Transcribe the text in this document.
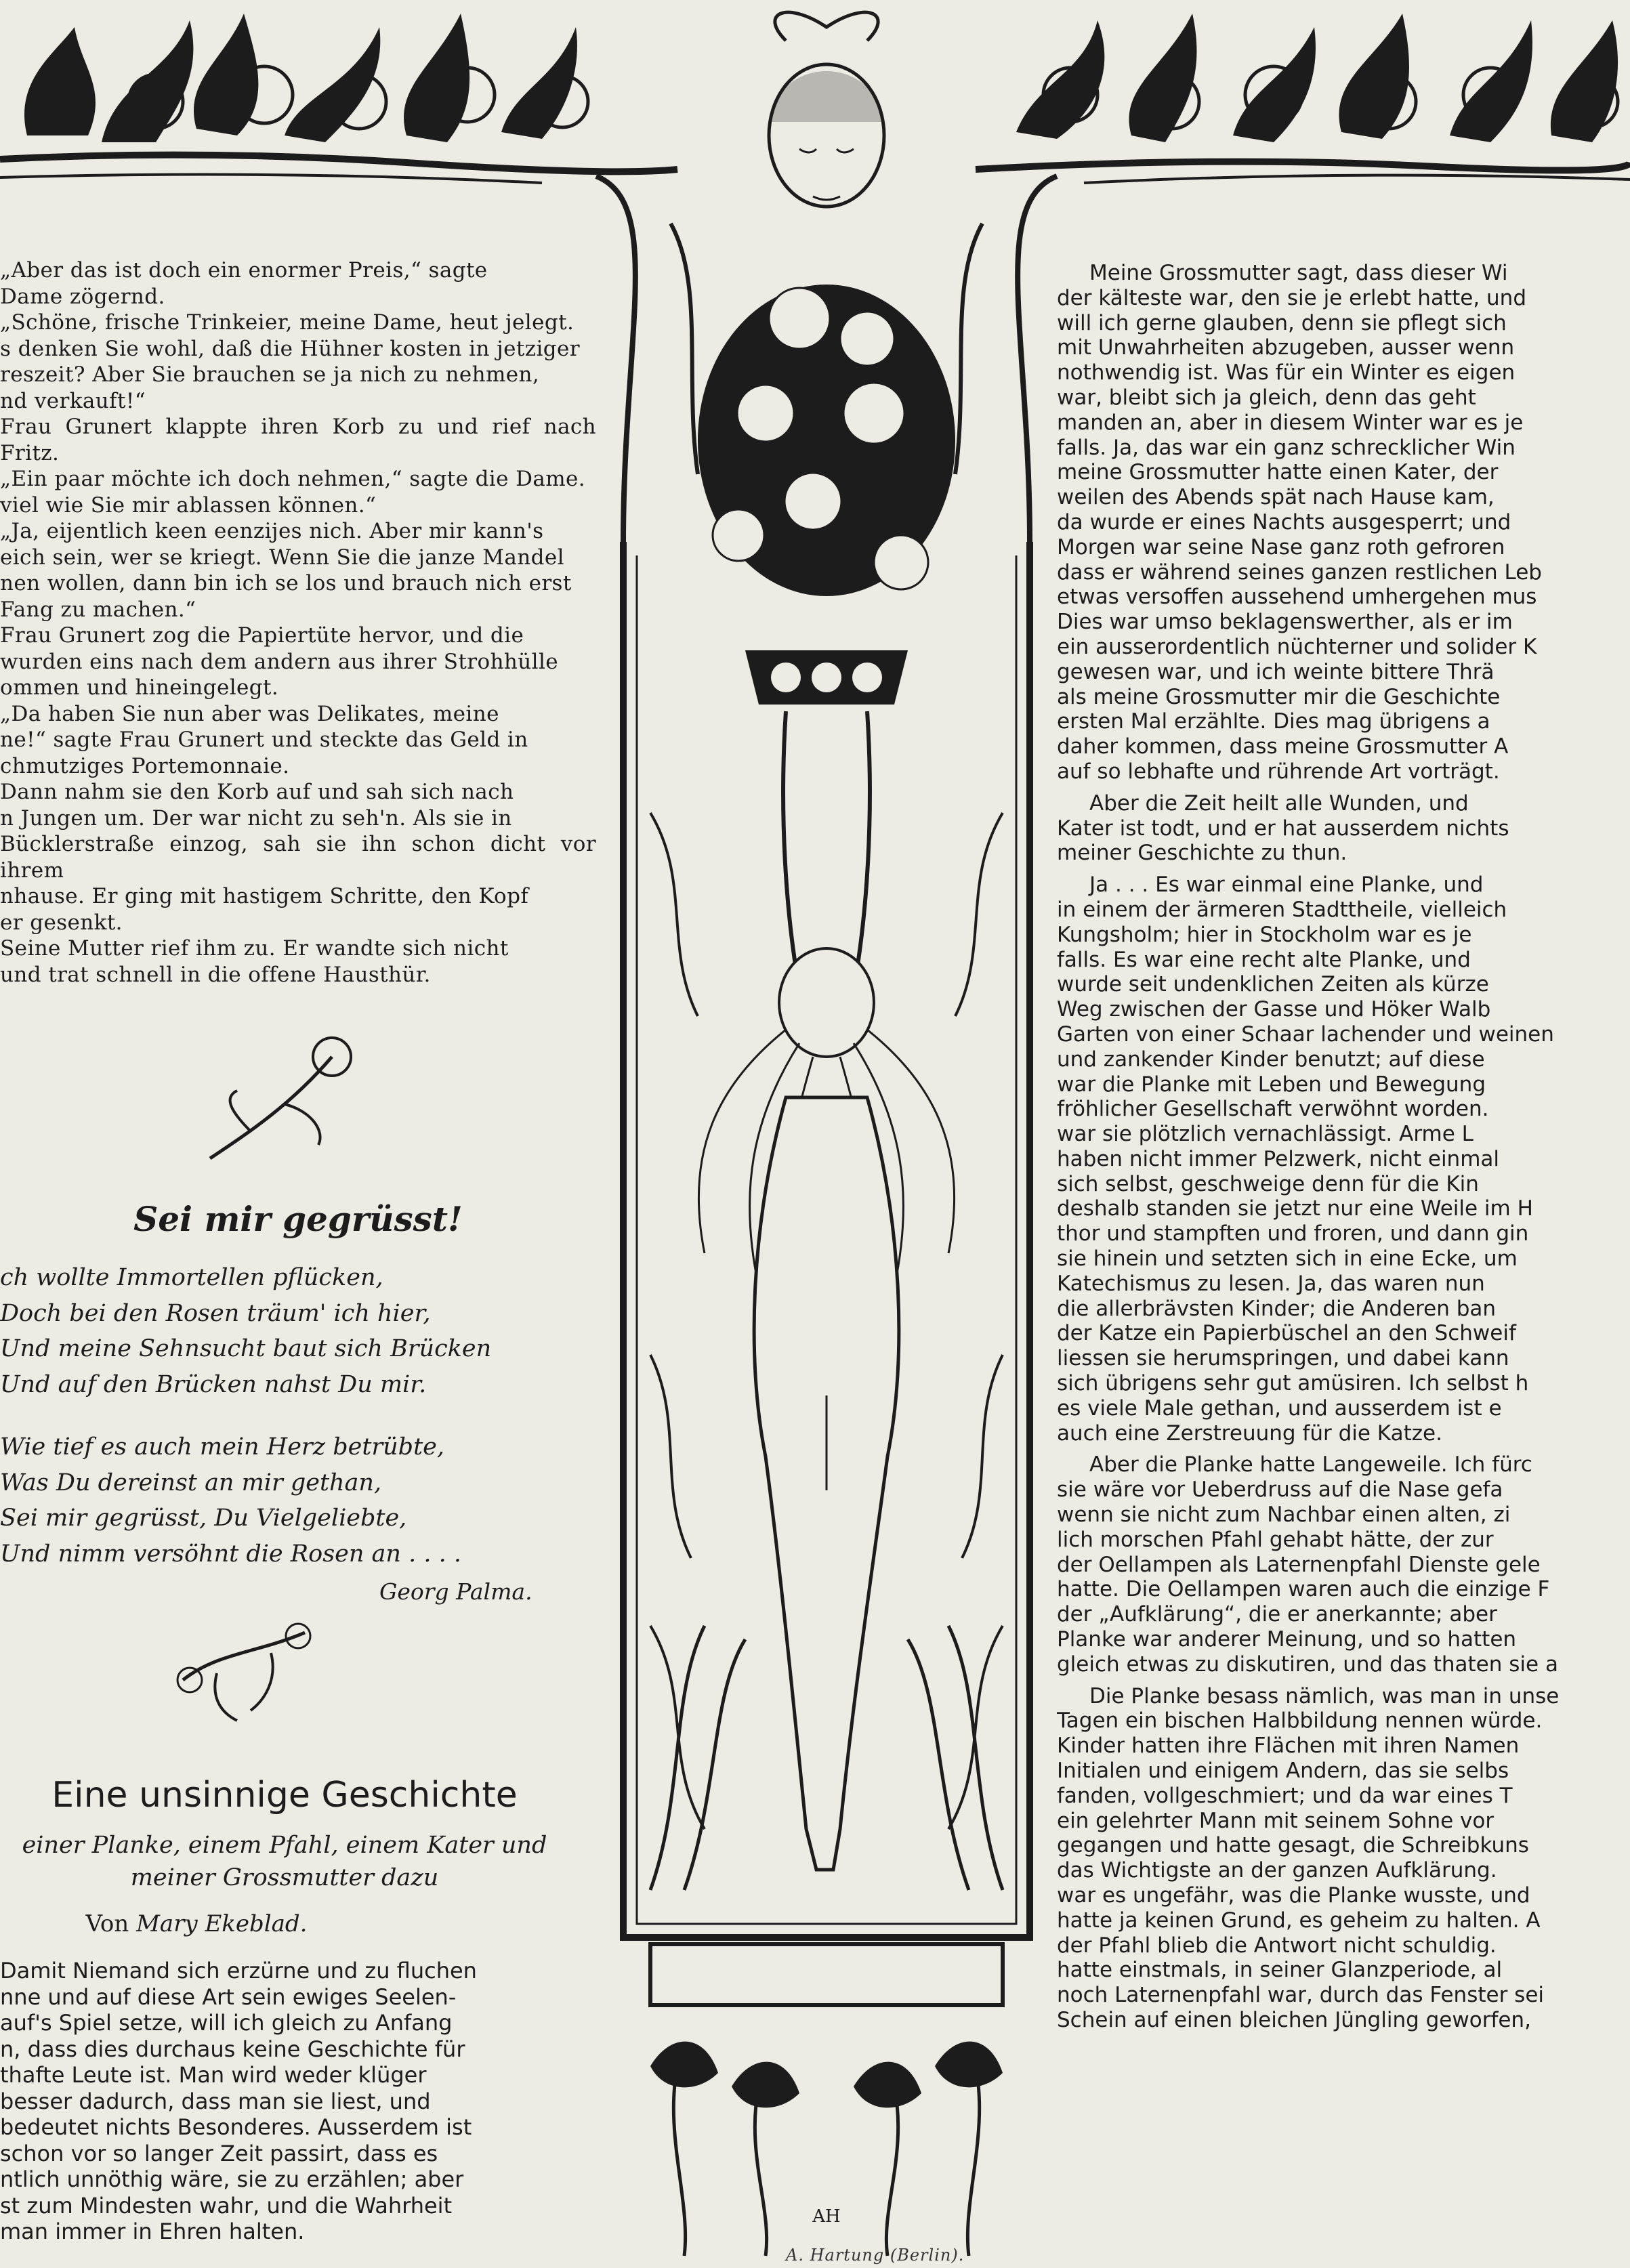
AH

„Aber das ist doch ein enormer Preis,“ sagte

Dame zögernd.

„Schöne, frische Trinkeier, meine Dame, heut jelegt.

s denken Sie wohl, daß die Hühner kosten in jetziger

reszeit? Aber Sie brauchen se ja nich zu nehmen,

nd verkauft!“

Frau Grunert klappte ihren Korb zu und rief nach Fritz.

„Ein paar möchte ich doch nehmen,“ sagte die Dame.

viel wie Sie mir ablassen können.“

„Ja, eijentlich keen eenzijes nich. Aber mir kann's

eich sein, wer se kriegt. Wenn Sie die janze Mandel

nen wollen, dann bin ich se los und brauch nich erst

Fang zu machen.“

Frau Grunert zog die Papiertüte hervor, und die

wurden eins nach dem andern aus ihrer Strohhülle

ommen und hineingelegt.

„Da haben Sie nun aber was Delikates, meine

ne!“ sagte Frau Grunert und steckte das Geld in

chmutziges Portemonnaie.

Dann nahm sie den Korb auf und sah sich nach

n Jungen um. Der war nicht zu seh'n. Als sie in

Bücklerstraße einzog, sah sie ihn schon dicht vor ihrem

nhause. Er ging mit hastigem Schritte, den Kopf

er gesenkt.

Seine Mutter rief ihm zu. Er wandte sich nicht

und trat schnell in die offene Hausthür.

Sei mir gegrüsst!
ch wollte Immortellen pflücken,
Doch bei den Rosen träum' ich hier,
Und meine Sehnsucht baut sich Brücken
Und auf den Brücken nahst Du mir.
Wie tief es auch mein Herz betrübte,
Was Du dereinst an mir gethan,
Sei mir gegrüsst, Du Vielgeliebte,
Und nimm versöhnt die Rosen an . . . .
Georg Palma.
Eine unsinnige Geschichte
einer Planke, einem Pfahl, einem Kater und
meiner Grossmutter dazu
Von Mary Ekeblad.
Damit Niemand sich erzürne und zu fluchen
nne und auf diese Art sein ewiges Seelen-
auf's Spiel setze, will ich gleich zu Anfang
n, dass dies durchaus keine Geschichte für
thafte Leute ist. Man wird weder klüger
besser dadurch, dass man sie liest, und
bedeutet nichts Besonderes. Ausserdem ist
schon vor so langer Zeit passirt, dass es
ntlich unnöthig wäre, sie zu erzählen; aber
st zum Mindesten wahr, und die Wahrheit
man immer in Ehren halten.
Meine Grossmutter sagt, dass dieser Wi
der kälteste war, den sie je erlebt hatte, und
will ich gerne glauben, denn sie pflegt sich
mit Unwahrheiten abzugeben, ausser wenn
nothwendig ist. Was für ein Winter es eigen
war, bleibt sich ja gleich, denn das geht
manden an, aber in diesem Winter war es je
falls. Ja, das war ein ganz schrecklicher Win
meine Grossmutter hatte einen Kater, der
weilen des Abends spät nach Hause kam,
da wurde er eines Nachts ausgesperrt; und
Morgen war seine Nase ganz roth gefroren
dass er während seines ganzen restlichen Leb
etwas versoffen aussehend umhergehen mus
Dies war umso beklagenswerther, als er im
ein ausserordentlich nüchterner und solider K
gewesen war, und ich weinte bittere Thrä
als meine Grossmutter mir die Geschichte
ersten Mal erzählte. Dies mag übrigens a
daher kommen, dass meine Grossmutter A
auf so lebhafte und rührende Art vorträgt.
Aber die Zeit heilt alle Wunden, und
Kater ist todt, und er hat ausserdem nichts
meiner Geschichte zu thun.
Ja . . . Es war einmal eine Planke, und
in einem der ärmeren Stadttheile, vielleich
Kungsholm; hier in Stockholm war es je
falls. Es war eine recht alte Planke, und
wurde seit undenklichen Zeiten als kürze
Weg zwischen der Gasse und Höker Walb
Garten von einer Schaar lachender und weinen
und zankender Kinder benutzt; auf diese
war die Planke mit Leben und Bewegung
fröhlicher Gesellschaft verwöhnt worden.
war sie plötzlich vernachlässigt. Arme L
haben nicht immer Pelzwerk, nicht einmal
sich selbst, geschweige denn für die Kin
deshalb standen sie jetzt nur eine Weile im H
thor und stampften und froren, und dann gin
sie hinein und setzten sich in eine Ecke, um
Katechismus zu lesen. Ja, das waren nun
die allerbrävsten Kinder; die Anderen ban
der Katze ein Papierbüschel an den Schweif
liessen sie herumspringen, und dabei kann
sich übrigens sehr gut amüsiren. Ich selbst h
es viele Male gethan, und ausserdem ist e
auch eine Zerstreuung für die Katze.
Aber die Planke hatte Langeweile. Ich fürc
sie wäre vor Ueberdruss auf die Nase gefa
wenn sie nicht zum Nachbar einen alten, zi
lich morschen Pfahl gehabt hätte, der zur
der Oellampen als Laternenpfahl Dienste gele
hatte. Die Oellampen waren auch die einzige F
der „Aufklärung“, die er anerkannte; aber
Planke war anderer Meinung, und so hatten
gleich etwas zu diskutiren, und das thaten sie a
Die Planke besass nämlich, was man in unse
Tagen ein bischen Halbbildung nennen würde.
Kinder hatten ihre Flächen mit ihren Namen
Initialen und einigem Andern, das sie selbs
fanden, vollgeschmiert; und da war eines T
ein gelehrter Mann mit seinem Sohne vor
gegangen und hatte gesagt, die Schreibkuns
das Wichtigste an der ganzen Aufklärung.
war es ungefähr, was die Planke wusste, und
hatte ja keinen Grund, es geheim zu halten. A
der Pfahl blieb die Antwort nicht schuldig.
hatte einstmals, in seiner Glanzperiode, al
noch Laternenpfahl war, durch das Fenster sei
Schein auf einen bleichen Jüngling geworfen,
A. Hartung (Berlin).
